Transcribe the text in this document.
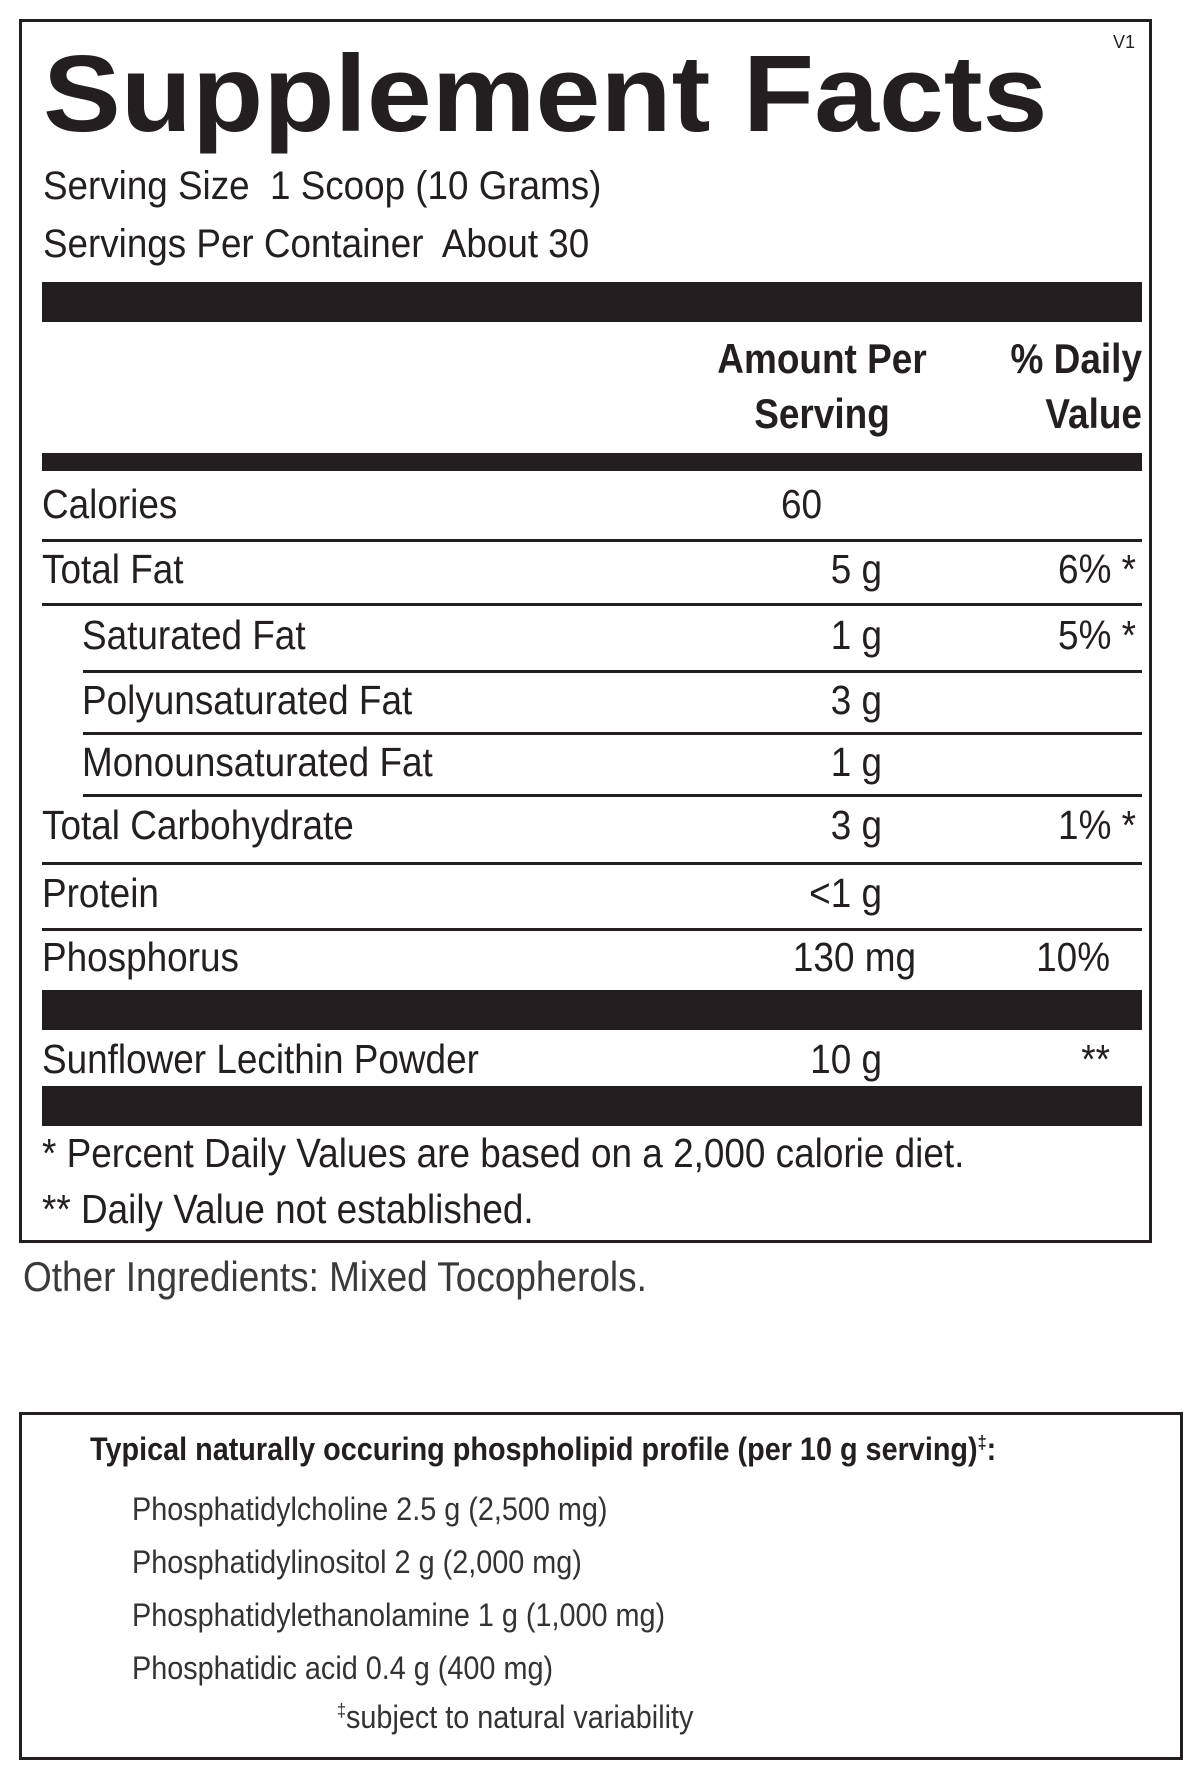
V1
Supplement Facts
Serving Size  1 Scoop (10 Grams)
Servings Per Container  About 30
Amount Per
Serving
% Daily
Value
Calories	60
Total Fat	5 g	6% *
Saturated Fat	1 g	5% *
Polyunsaturated Fat	3 g
Monounsaturated Fat	1 g
Total Carbohydrate	3 g	1% *
Protein	<1 g
Phosphorus	130 mg	10%
Sunflower Lecithin Powder	10 g	**
* Percent Daily Values are based on a 2,000 calorie diet.
** Daily Value not established.
Other Ingredients: Mixed Tocopherols.
Typical naturally occuring phospholipid profile (per 10 g serving)‡:
Phosphatidylcholine 2.5 g (2,500 mg)
Phosphatidylinositol 2 g (2,000 mg)
Phosphatidylethanolamine 1 g (1,000 mg)
Phosphatidic acid 0.4 g (400 mg)
‡subject to natural variability
